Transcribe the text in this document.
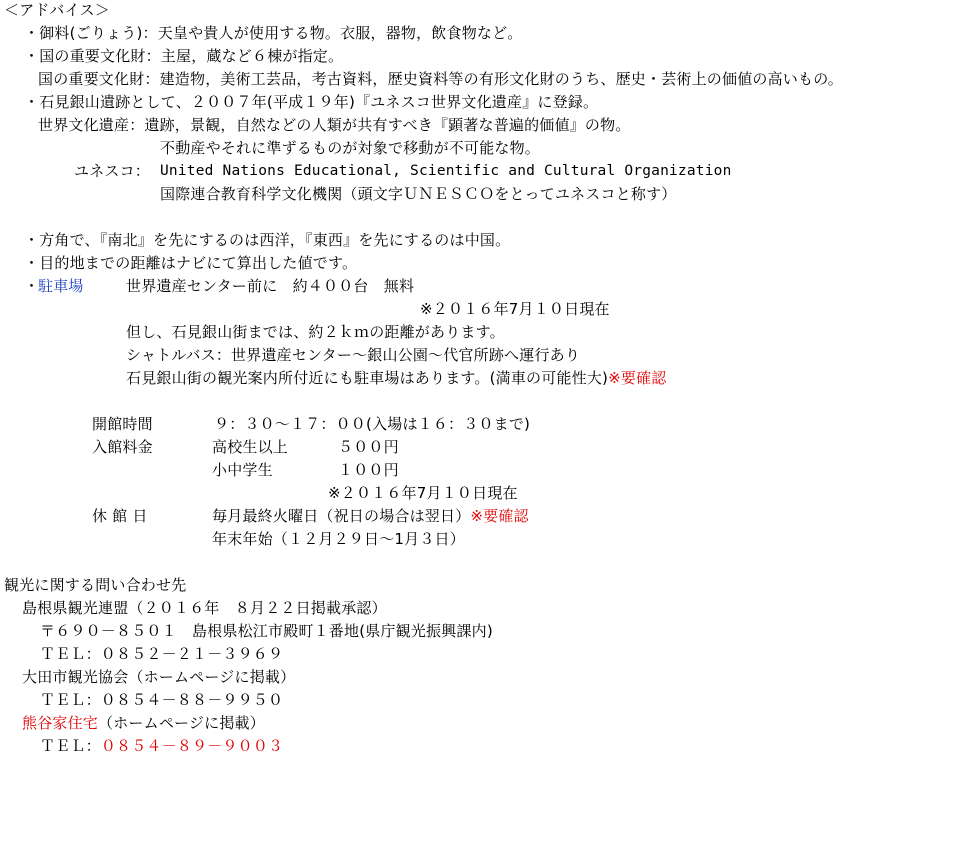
＜アドバイス＞
・御料(ごりょう)：天皇や貴人が使用する物。衣服，器物，飲食物など。
・国の重要文化財：主屋，蔵など６棟が指定。
国の重要文化財：建造物，美術工芸品，考古資料，歴史資料等の有形文化財のうち、歴史・芸術上の価値の高いもの。
・石見銀山遺跡として、２００７年(平成１９年)『ユネスコ世界文化遺産』に登録。
世界文化遺産：遺跡，景観，自然などの人類が共有すべき『顕著な普遍的価値』の物。
不動産やそれに準ずるものが対象で移動が不可能な物。
ユネスコ： United Nations Educational, Scientific and Cultural Organization
国際連合教育科学文化機関（頭文字ＵＮＥＳＣＯをとってユネスコと称す）
・方角で、『南北』を先にするのは西洋，『東西』を先にするのは中国。
・目的地までの距離はナビにて算出した値です。
・
駐車場	世界遺産センター前に　約４００台　無料
※２０１６年7月１０日現在
但し、石見銀山街までは、約２ｋｍの距離があります。
シャトルバス：世界遺産センター～銀山公園～代官所跡へ運行あり
石見銀山街の観光案内所付近にも駐車場はあります。(満車の可能性大)※要確認
開館時間	９：３０～１７：００(入場は１６：３０まで)
入館料金	高校生以上	５００円
小中学生	１００円
※２０１６年7月１０日現在
休 館 日	毎月最終火曜日（祝日の場合は翌日）※要確認
年末年始（１２月２９日～1月３日）
観光に関する問い合わせ先
島根県観光連盟（２０１６年　８月２２日掲載承認）
〒６９０－８５０１　島根県松江市殿町１番地(県庁観光振興課内)
ＴＥＬ：０８５２－２１－３９６９
大田市観光協会（ホームページに掲載）
ＴＥＬ：０８５４－８８－９９５０
熊谷家住宅（ホームページに掲載）
ＴＥＬ：０８５４－８９－９００３
